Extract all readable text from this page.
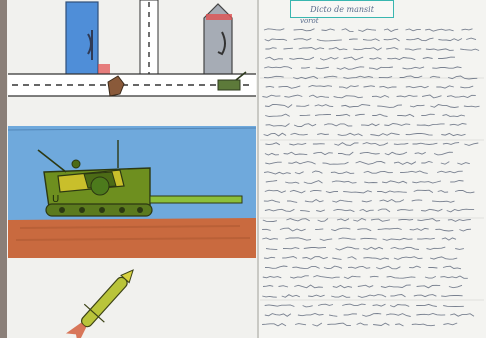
U
Dicto de mansit
vorot
